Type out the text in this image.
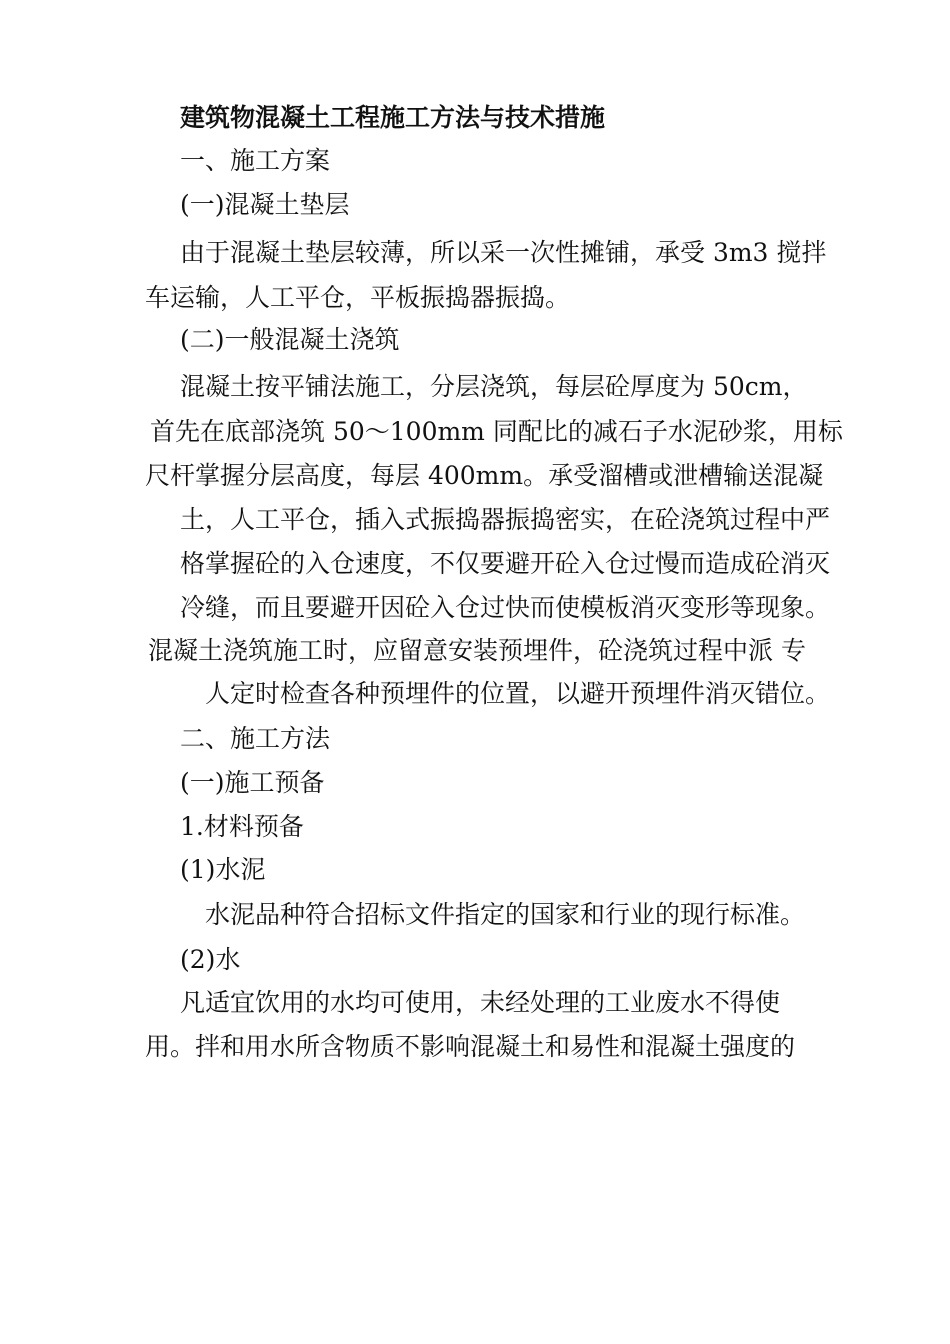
建筑物混凝土工程施工方法与技术措施
一、施工方案
(一)混凝土垫层
由于混凝土垫层较薄，所以采一次性摊铺，承受 3m3 搅拌
车运输，人工平仓，平板振捣器振捣。
(二)一般混凝土浇筑
混凝土按平铺法施工，分层浇筑，每层砼厚度为 50cm，
首先在底部浇筑 50～100mm 同配比的减石子水泥砂浆，用标
尺杆掌握分层高度，每层 400mm。承受溜槽或泄槽输送混凝
土，人工平仓，插入式振捣器振捣密实，在砼浇筑过程中严
格掌握砼的入仓速度，不仅要避开砼入仓过慢而造成砼消灭
冷缝，而且要避开因砼入仓过快而使模板消灭变形等现象。
混凝土浇筑施工时，应留意安装预埋件，砼浇筑过程中派 专
人定时检查各种预埋件的位置，以避开预埋件消灭错位。
二、施工方法
(一)施工预备
1.材料预备
(1)水泥
水泥品种符合招标文件指定的国家和行业的现行标准。
(2)水
凡适宜饮用的水均可使用，未经处理的工业废水不得使
用。拌和用水所含物质不影响混凝土和易性和混凝土强度的
